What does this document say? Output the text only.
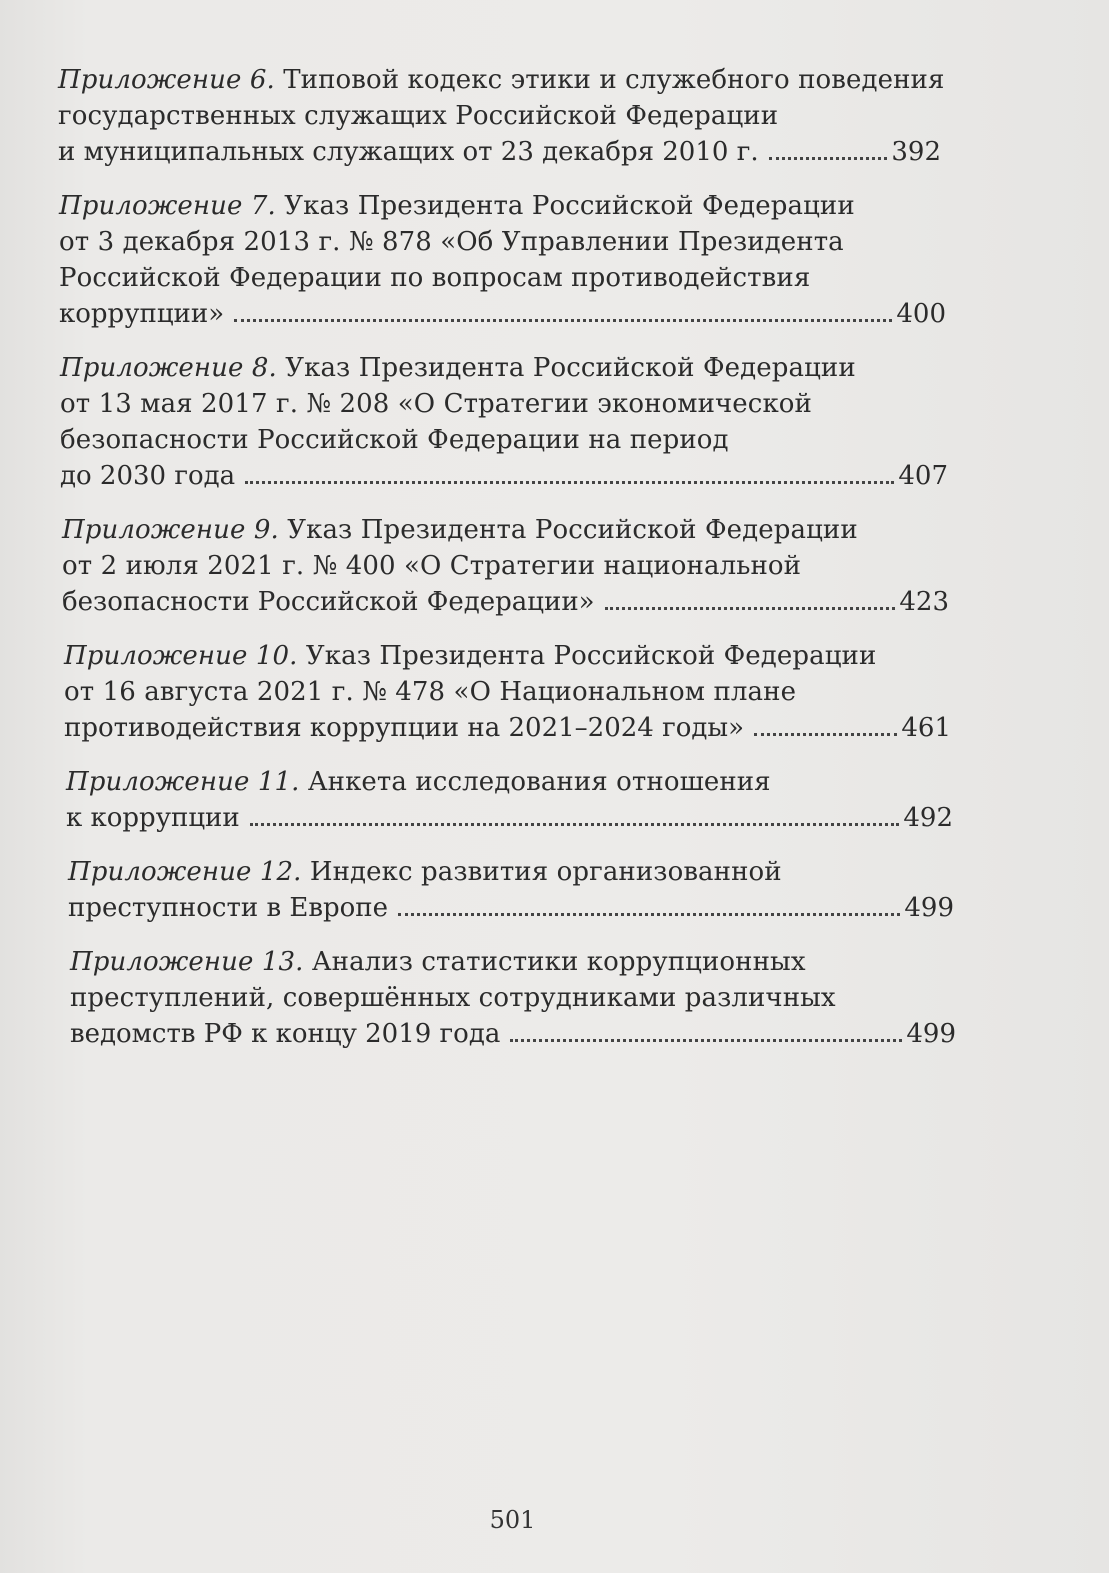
Приложение 6. Типовой кодекс этики и служебного поведения
государственных служащих Российской Федерации
и муниципальных служащих от 23 декабря 2010 г.	392
Приложение 7. Указ Президента Российской Федерации
от 3 декабря 2013 г. № 878 «Об Управлении Президента
Российской Федерации по вопросам противодействия
коррупции»	400
Приложение 8. Указ Президента Российской Федерации
от 13 мая 2017 г. № 208 «О Стратегии экономической
безопасности Российской Федерации на период
до 2030 года	407
Приложение 9. Указ Президента Российской Федерации
от 2 июля 2021 г. № 400 «О Стратегии национальной
безопасности Российской Федерации»	423
Приложение 10. Указ Президента Российской Федерации
от 16 августа 2021 г. № 478 «О Национальном плане
противодействия коррупции на 2021–2024 годы»	461
Приложение 11. Анкета исследования отношения
к коррупции	492
Приложение 12. Индекс развития организованной
преступности в Европе	499
Приложение 13. Анализ статистики коррупционных
преступлений, совершённых сотрудниками различных
ведомств РФ к концу 2019 года	499
501
